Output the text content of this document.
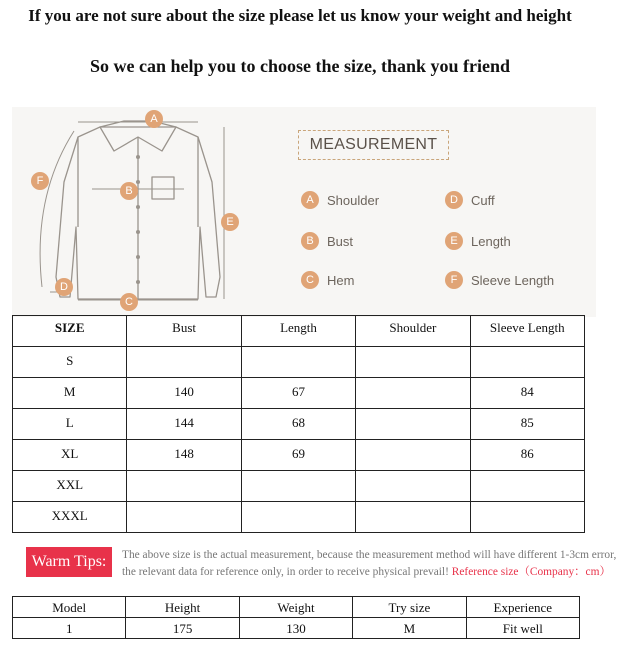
If you are not sure about the size please let us know your weight and height
So we can help you to choose the size, thank you friend
A
B
C
D
E
F
MEASUREMENT
A	Shoulder
B	Bust
C	Hem
D	Cuff
E	Length
F	Sleeve Length
SIZE	Bust	Length	Shoulder	Sleeve Length
S				
M	140	67		84
L	144	68		85
XL	148	69		86
XXL				
XXXL				
Warm Tips:	The above size is the actual measurement, because the measurement method will have different 1-3cm error,
the relevant data for reference only, in order to receive physical prevail! Reference size（Company：cm）
Model	Height	Weight	Try size	Experience
1	175	130	M	Fit well
